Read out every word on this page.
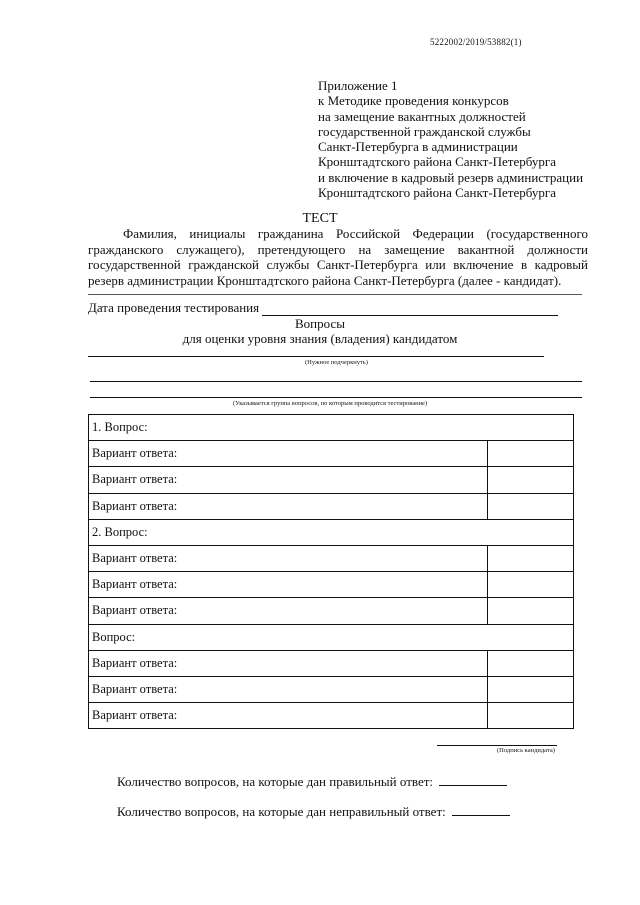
5222002/2019/53882(1)
Приложение 1
к Методике проведения конкурсов
на замещение вакантных должностей
государственной гражданской службы
Санкт-Петербурга в администрации
Кронштадтского района Санкт-Петербурга
и включение в кадровый резерв администрации
Кронштадтского района Санкт-Петербурга
ТЕСТ
Фамилия, инициалы гражданина Российской Федерации (государственного гражданского служащего), претендующего на замещение вакантной должности государственной гражданской службы Санкт-Петербурга или включение в кадровый резерв администрации Кронштадтского района Санкт-Петербурга (далее - кандидат).
Дата проведения тестирования
Вопросы
для оценки уровня знания (владения) кандидатом
(Нужное подчеркнуть)
(Указывается группа вопросов, по которым проводится тестирование)
1. Вопрос:	
Вариант ответа:	
Вариант ответа:	
Вариант ответа:	
2. Вопрос:	
Вариант ответа:	
Вариант ответа:	
Вариант ответа:	
Вопрос:	
Вариант ответа:	
Вариант ответа:	
Вариант ответа:	
(Подпись кандидата)
Количество вопросов, на которые дан правильный ответ:
Количество вопросов, на которые дан неправильный ответ:
